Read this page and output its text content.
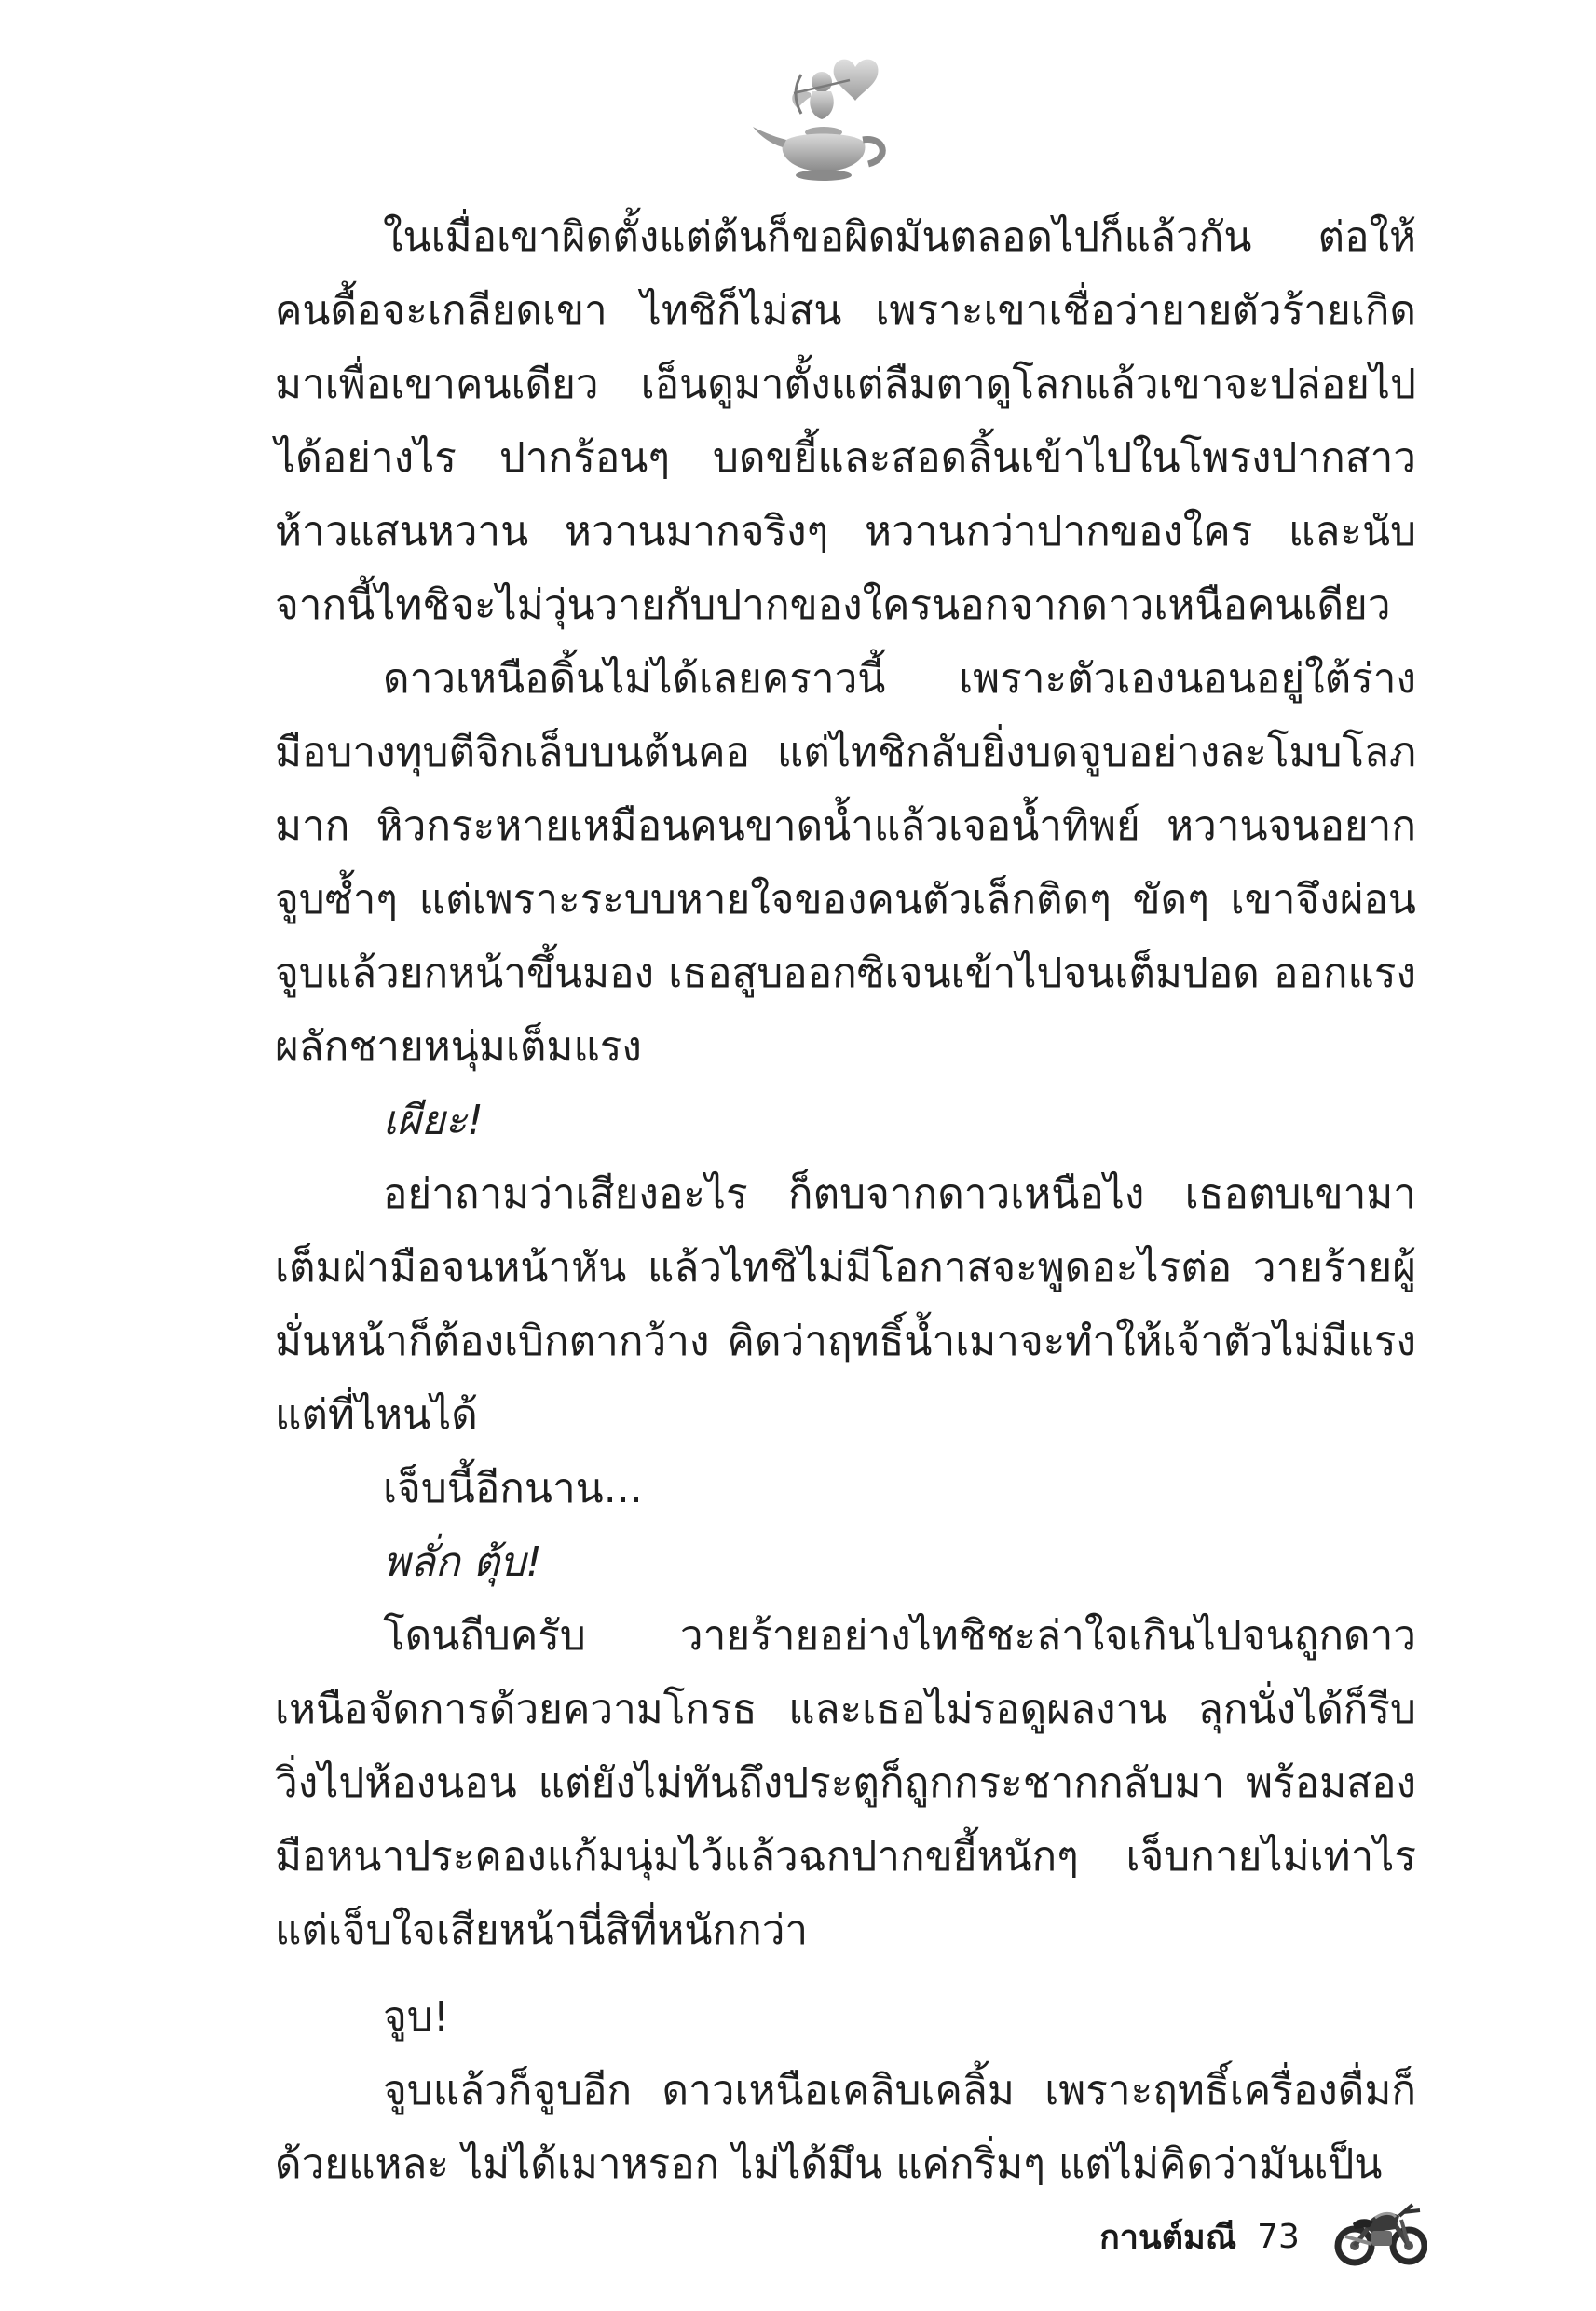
ในเมื่อเขาผิดตั้งแต่ต้นก็ขอผิดมันตลอดไปก็แล้วกัน ต่อให้คนดื้อจะเกลียดเขา ไทชิก็ไม่สน เพราะเขาเชื่อว่ายายตัวร้ายเกิดมาเพื่อเขาคนเดียว เอ็นดูมาตั้งแต่ลืมตาดูโลกแล้วเขาจะปล่อยไปได้อย่างไร ปากร้อนๆ บดขยี้และสอดลิ้นเข้าไปในโพรงปากสาวห้าวแสนหวาน หวานมากจริงๆ หวานกว่าปากของใคร และนับจากนี้ไทชิจะไม่วุ่นวายกับปากของใครนอกจากดาวเหนือคนเดียว

ดาวเหนือดิ้นไม่ได้เลยคราวนี้ เพราะตัวเองนอนอยู่ใต้ร่าง มือบางทุบตีจิกเล็บบนต้นคอ แต่ไทชิกลับยิ่งบดจูบอย่างละโมบโลภมาก หิวกระหายเหมือนคนขาดน้ำแล้วเจอน้ำทิพย์ หวานจนอยากจูบซ้ำๆ แต่เพราะระบบหายใจของคนตัวเล็กติดๆ ขัดๆ เขาจึงผ่อนจูบแล้วยกหน้าขึ้นมอง เธอสูบออกซิเจนเข้าไปจนเต็มปอด ออกแรงผลักชายหนุ่มเต็มแรง

เผียะ!

อย่าถามว่าเสียงอะไร ก็ตบจากดาวเหนือไง เธอตบเขามาเต็มฝ่ามือจนหน้าหัน แล้วไทชิไม่มีโอกาสจะพูดอะไรต่อ วายร้ายผู้มั่นหน้าก็ต้องเบิกตากว้าง คิดว่าฤทธิ์น้ำเมาจะทำให้เจ้าตัวไม่มีแรง แต่ที่ไหนได้

เจ็บนี้อีกนาน...

พลั่ก ตุ้บ!

โดนถีบครับ วายร้ายอย่างไทชิชะล่าใจเกินไปจนถูกดาวเหนือจัดการด้วยความโกรธ และเธอไม่รอดูผลงาน ลุกนั่งได้ก็รีบวิ่งไปห้องนอน แต่ยังไม่ทันถึงประตูก็ถูกกระชากกลับมา พร้อมสองมือหนาประคองแก้มนุ่มไว้แล้วฉกปากขยี้หนักๆ เจ็บกายไม่เท่าไร แต่เจ็บใจเสียหน้านี่สิที่หนักกว่า

จูบ!

จูบแล้วก็จูบอีก ดาวเหนือเคลิบเคลิ้ม เพราะฤทธิ์เครื่องดื่มก็ด้วยแหละ ไม่ได้เมาหรอก ไม่ได้มึน แค่กริ่มๆ แต่ไม่คิดว่ามันเป็น

กานต์มณี 73
